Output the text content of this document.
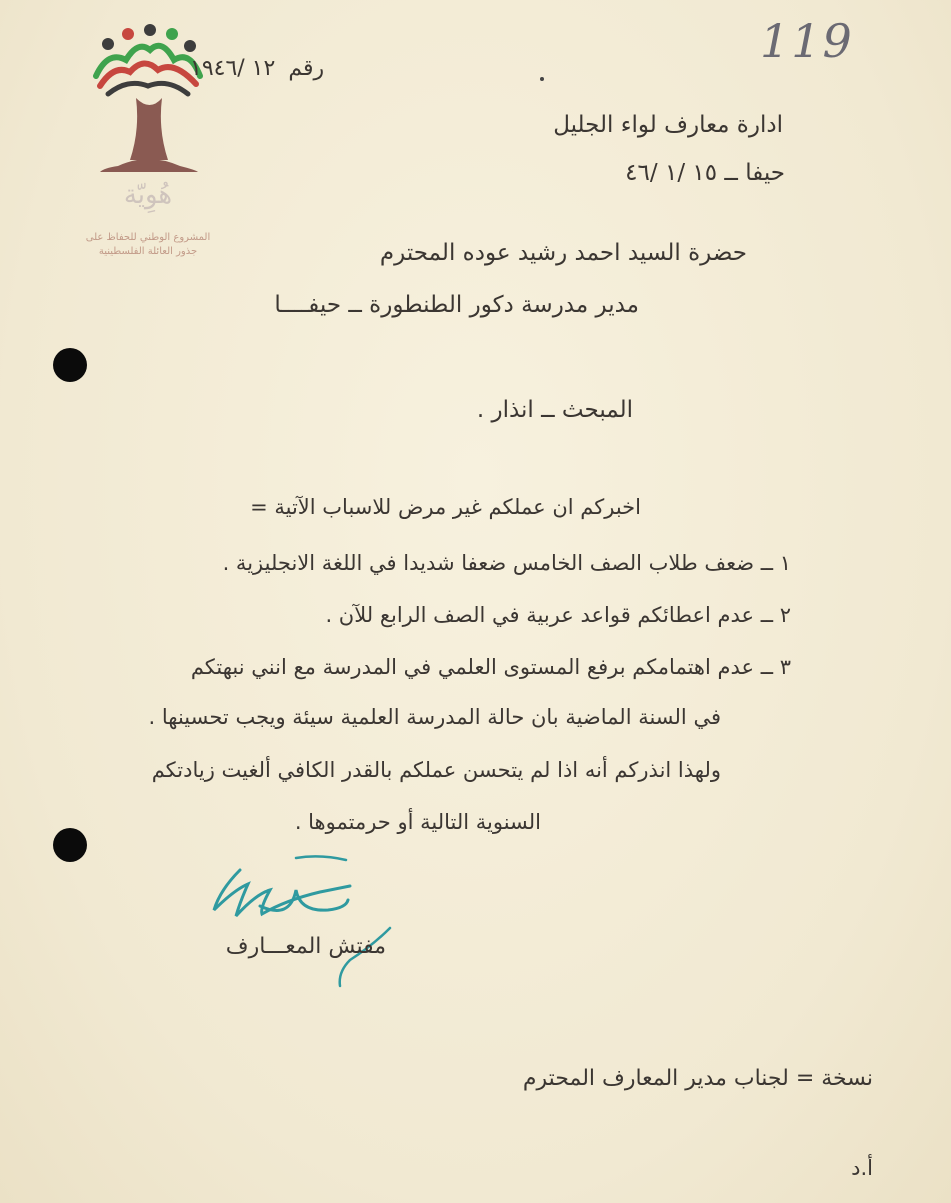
119
هُوِيّة
المشروع الوطني للحفاظ على
جذور العائلة الفلسطينية
رقم ١٢ /١٩٤٦
ادارة معارف لواء الجليل
حيفا ــ ١٥ /١ /٤٦
حضرة السيد احمد رشيد عوده المحترم
مدير مدرسة دكور الطنطورة ــ حيفــــا
المبحث ــ انذار .
اخبركم ان عملكم غير مرض للاسباب الآتية =
١ ــ ضعف طلاب الصف الخامس ضعفا شديدا في اللغة الانجليزية .
٢ ــ عدم اعطائكم قواعد عربية في الصف الرابع للآن .
٣ ــ عدم اهتمامكم برفع المستوى العلمي في المدرسة مع انني نبهتكم
في السنة الماضية بان حالة المدرسة العلمية سيئة ويجب تحسينها .
ولهذا انذركم أنه اذا لم يتحسن عملكم بالقدر الكافي ألغيت زيادتكم
السنوية التالية أو حرمتموها .
مفتش المعـــارف
نسخة = لجناب مدير المعارف المحترم
أ.د
